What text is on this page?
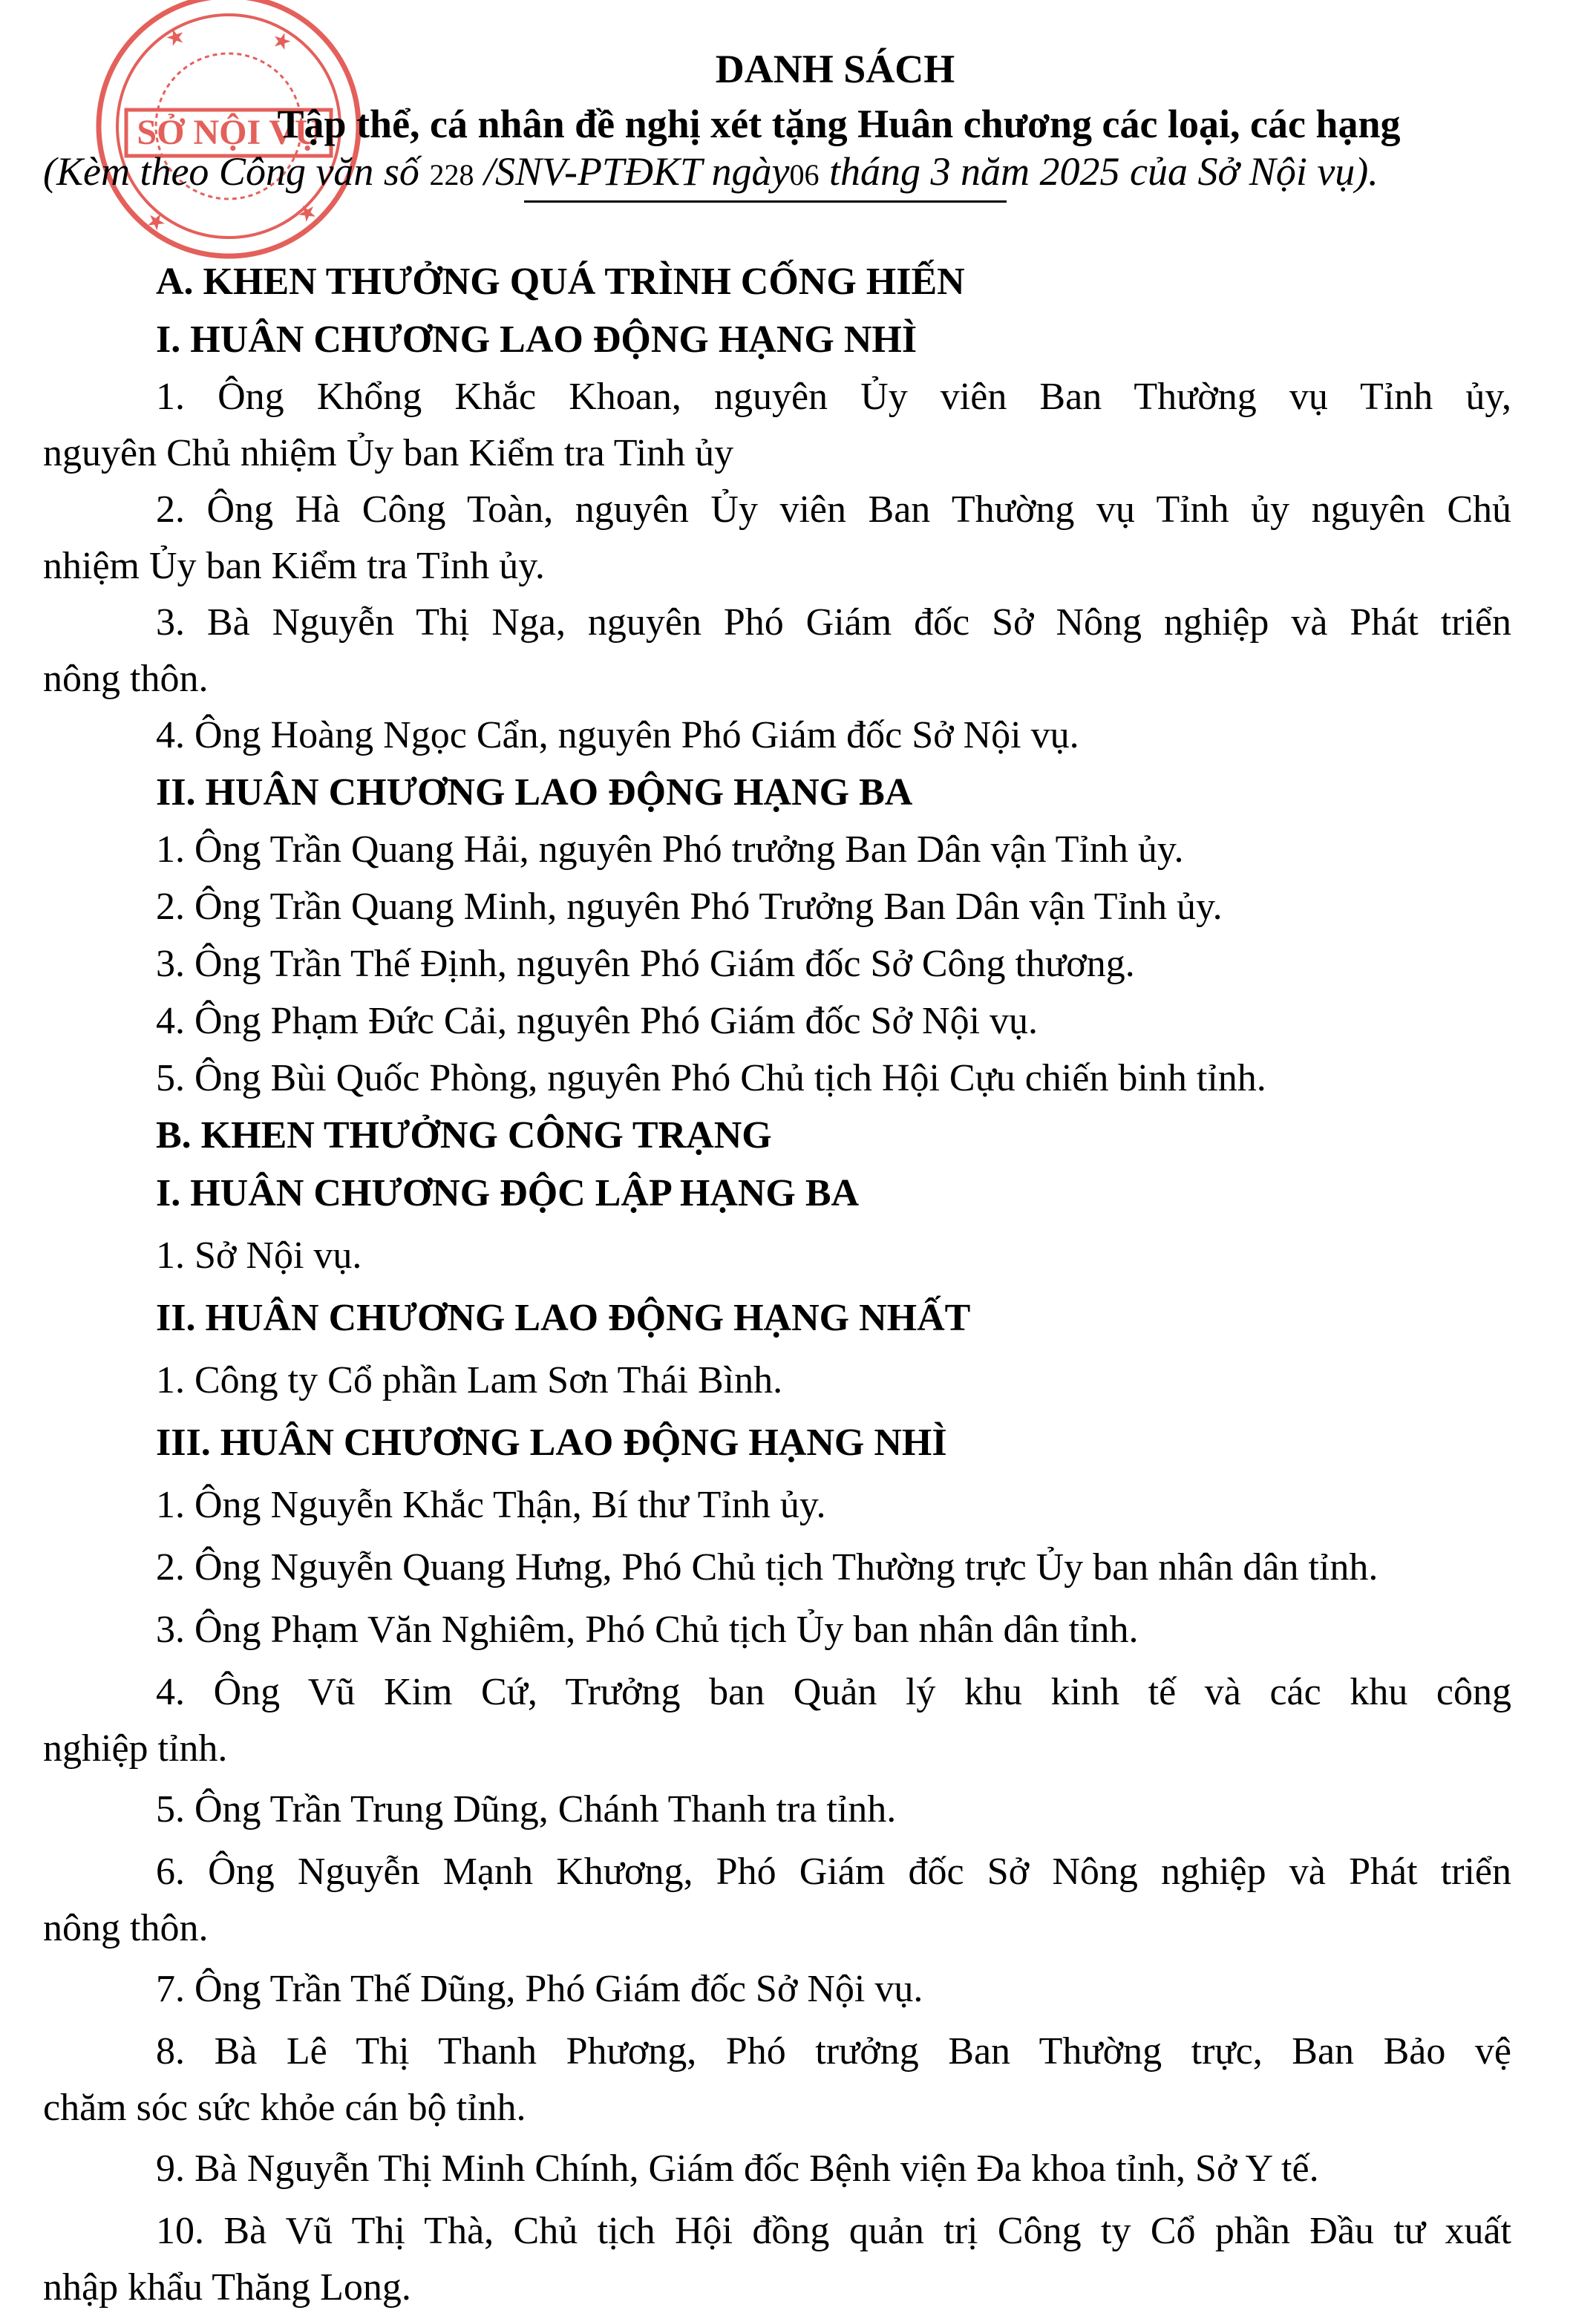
SỞ NỘI VỤ
★	★
★	★
DANH SÁCH
Tập thể, cá nhân đề nghị xét tặng Huân chương các loại, các hạng
(Kèm theo Công văn số 228 /SNV-PTĐKT ngày06 tháng 3 năm 2025 của Sở Nội vụ).
A. KHEN THƯỞNG QUÁ TRÌNH CỐNG HIẾN
I. HUÂN CHƯƠNG LAO ĐỘNG HẠNG NHÌ
1. Ông Khổng Khắc Khoan, nguyên Ủy viên Ban Thường vụ Tỉnh ủy,
nguyên Chủ nhiệm Ủy ban Kiểm tra Tinh ủy
2. Ông Hà Công Toàn, nguyên Ủy viên Ban Thường vụ Tỉnh ủy nguyên Chủ
nhiệm Ủy ban Kiểm tra Tỉnh ủy.
3. Bà Nguyễn Thị Nga, nguyên Phó Giám đốc Sở Nông nghiệp và Phát triển
nông thôn.
4. Ông Hoàng Ngọc Cẩn, nguyên Phó Giám đốc Sở Nội vụ.
II. HUÂN CHƯƠNG LAO ĐỘNG HẠNG BA
1. Ông Trần Quang Hải, nguyên Phó trưởng Ban Dân vận Tỉnh ủy.
2. Ông Trần Quang Minh, nguyên Phó Trưởng Ban Dân vận Tỉnh ủy.
3. Ông Trần Thế Định, nguyên Phó Giám đốc Sở Công thương.
4. Ông Phạm Đức Cải, nguyên Phó Giám đốc Sở Nội vụ.
5. Ông Bùi Quốc Phòng, nguyên Phó Chủ tịch Hội Cựu chiến binh tỉnh.
B. KHEN THƯỞNG CÔNG TRẠNG
I. HUÂN CHƯƠNG ĐỘC LẬP HẠNG BA
1. Sở Nội vụ.
II. HUÂN CHƯƠNG LAO ĐỘNG HẠNG NHẤT
1. Công ty Cổ phần Lam Sơn Thái Bình.
III. HUÂN CHƯƠNG LAO ĐỘNG HẠNG NHÌ
1. Ông Nguyễn Khắc Thận, Bí thư Tỉnh ủy.
2. Ông Nguyễn Quang Hưng, Phó Chủ tịch Thường trực Ủy ban nhân dân tỉnh.
3. Ông Phạm Văn Nghiêm, Phó Chủ tịch Ủy ban nhân dân tỉnh.
4. Ông Vũ Kim Cứ, Trưởng ban Quản lý khu kinh tế và các khu công
nghiệp tỉnh.
5. Ông Trần Trung Dũng, Chánh Thanh tra tỉnh.
6. Ông Nguyễn Mạnh Khương, Phó Giám đốc Sở Nông nghiệp và Phát triển
nông thôn.
7. Ông Trần Thế Dũng, Phó Giám đốc Sở Nội vụ.
8. Bà Lê Thị Thanh Phương, Phó trưởng Ban Thường trực, Ban Bảo vệ
chăm sóc sức khỏe cán bộ tỉnh.
9. Bà Nguyễn Thị Minh Chính, Giám đốc Bệnh viện Đa khoa tỉnh, Sở Y tế.
10. Bà Vũ Thị Thà, Chủ tịch Hội đồng quản trị Công ty Cổ phần Đầu tư xuất
nhập khẩu Thăng Long.
